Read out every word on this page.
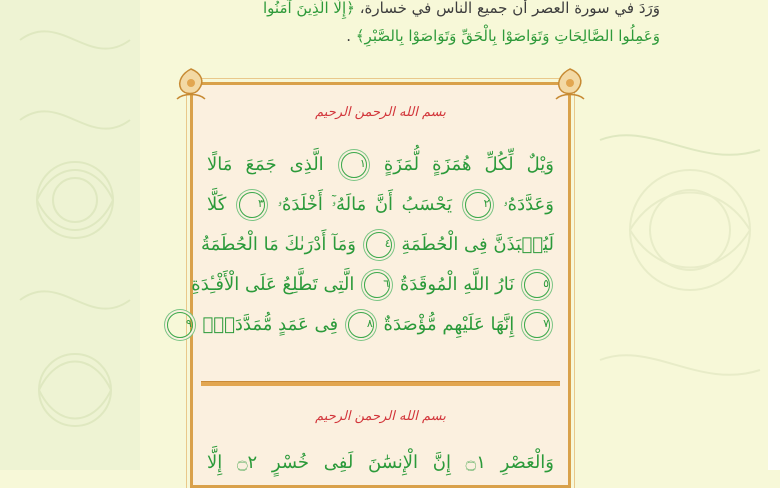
وَرَدَ في سورة العصر أن جميع الناس في خسارة، ﴿إِلَّا الَّذِينَ آمَنُوا
وَعَمِلُوا الصَّالِحَاتِ وَتَوَاصَوْا بِالْحَقِّ وَتَوَاصَوْا بِالصَّبْرِ﴾ .
بسم الله الرحمن الرحيم
وَيْلٌ لِّكُلِّ هُمَزَةٍ لُّمَزَةٍ ١ الَّذِى جَمَعَ مَالًا
وَعَدَّدَهُۥ ٢ يَحْسَبُ أَنَّ مَالَهُۥٓ أَخْلَدَهُۥ ٣ كَلَّا
لَيُنۢبَذَنَّ فِى الْحُطَمَةِ ٤ وَمَآ أَدْرَىٰكَ مَا الْحُطَمَةُ
٥ نَارُ اللَّهِ الْمُوقَدَةُ ٦ الَّتِى تَطَّلِعُ عَلَى الْأَفْـِٔدَةِ
٧ إِنَّهَا عَلَيْهِم مُّؤْصَدَةٌ ٨ فِى عَمَدٍ مُّمَدَّدَةٍۭ ٩
بسم الله الرحمن الرحيم
وَالْعَصْرِ ۝١ إِنَّ الْإِنسَٰنَ لَفِى خُسْرٍ ۝٢ إِلَّا
